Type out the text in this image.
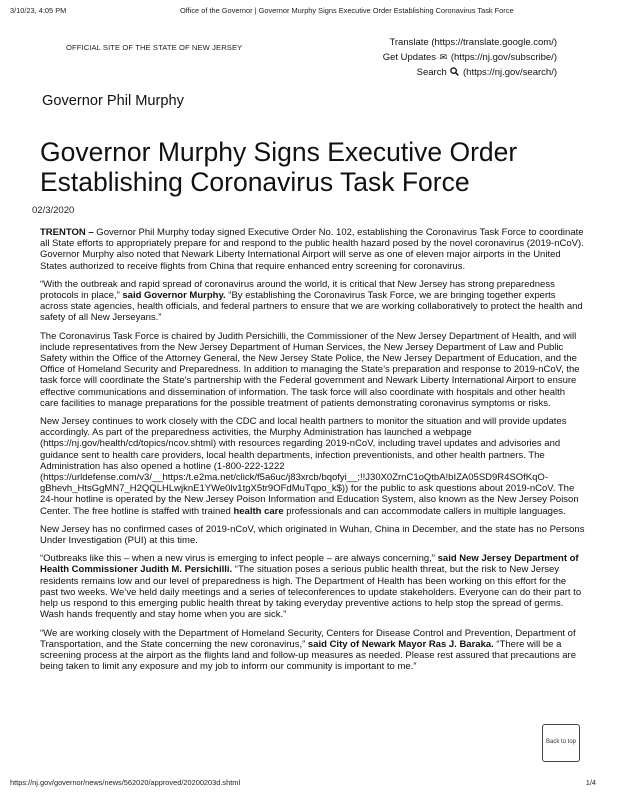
3/10/23, 4:05 PM	Office of the Governor | Governor Murphy Signs Executive Order Establishing Coronavirus Task Force
OFFICIAL SITE OF THE STATE OF NEW JERSEY	Translate (https://translate.google.com/)
Get Updates ✉ (https://nj.gov/subscribe/)
Search (https://nj.gov/search/)
Governor Phil Murphy
Governor Murphy Signs Executive Order Establishing Coronavirus Task Force
02/3/2020

TRENTON – Governor Phil Murphy today signed Executive Order No. 102, establishing the Coronavirus Task Force to coordinate all State efforts to appropriately prepare for and respond to the public health hazard posed by the novel coronavirus (2019-nCoV). Governor Murphy also noted that Newark Liberty International Airport will serve as one of eleven major airports in the United States authorized to receive flights from China that require enhanced entry screening for coronavirus.

“With the outbreak and rapid spread of coronavirus around the world, it is critical that New Jersey has strong preparedness protocols in place,” said Governor Murphy. “By establishing the Coronavirus Task Force, we are bringing together experts across state agencies, health officials, and federal partners to ensure that we are working collaboratively to protect the health and safety of all New Jerseyans.”

The Coronavirus Task Force is chaired by Judith Persichilli, the Commissioner of the New Jersey Department of Health, and will include representatives from the New Jersey Department of Human Services, the New Jersey Department of Law and Public Safety within the Office of the Attorney General, the New Jersey State Police, the New Jersey Department of Education, and the Office of Homeland Security and Preparedness. In addition to managing the State’s preparation and response to 2019-nCoV, the task force will coordinate the State’s partnership with the Federal government and Newark Liberty International Airport to ensure effective communications and dissemination of information. The task force will also coordinate with hospitals and other health care facilities to manage preparations for the possible treatment of patients demonstrating coronavirus symptoms or risks.

New Jersey continues to work closely with the CDC and local health partners to monitor the situation and will provide updates accordingly. As part of the preparedness activities, the Murphy Administration has launched a webpage (https://nj.gov/health/cd/topics/ncov.shtml) with resources regarding 2019-nCoV, including travel updates and advisories and guidance sent to health care providers, local health departments, infection preventionists, and other health partners. The Administration has also opened a hotline (1-800-222-1222 (https://urldefense.com/v3/__https:/t.e2ma.net/click/f5a6uc/j83xrcb/bqofyi__;!!J30X0ZrnC1oQtbA!bIZA05SD9R4SOfKqO-gBhevh_HtsGgMN7_H2QQLHLwjknE1YWe0lv1tgX5tr9OFdMuTqpo_k$)) for the public to ask questions about 2019-nCoV. The 24-hour hotline is operated by the New Jersey Poison Information and Education System, also known as the New Jersey Poison Center. The free hotline is staffed with trained health care professionals and can accommodate callers in multiple languages.

New Jersey has no confirmed cases of 2019-nCoV, which originated in Wuhan, China in December, and the state has no Persons Under Investigation (PUI) at this time.

“Outbreaks like this – when a new virus is emerging to infect people – are always concerning,” said New Jersey Department of Health Commissioner Judith M. Persichilli. “The situation poses a serious public health threat, but the risk to New Jersey residents remains low and our level of preparedness is high. The Department of Health has been working on this effort for the past two weeks. We’ve held daily meetings and a series of teleconferences to update stakeholders. Everyone can do their part to help us respond to this emerging public health threat by taking everyday preventive actions to help stop the spread of germs. Wash hands frequently and stay home when you are sick.”

“We are working closely with the Department of Homeland Security, Centers for Disease Control and Prevention, Department of Transportation, and the State concerning the new coronavirus,” said City of Newark Mayor Ras J. Baraka. “There will be a screening process at the airport as the flights land and follow-up measures as needed. Please rest assured that precautions are being taken to limit any exposure and my job to inform our community is important to me.”

Back to top
https://nj.gov/governor/news/news/562020/approved/20200203d.shtml	1/4
